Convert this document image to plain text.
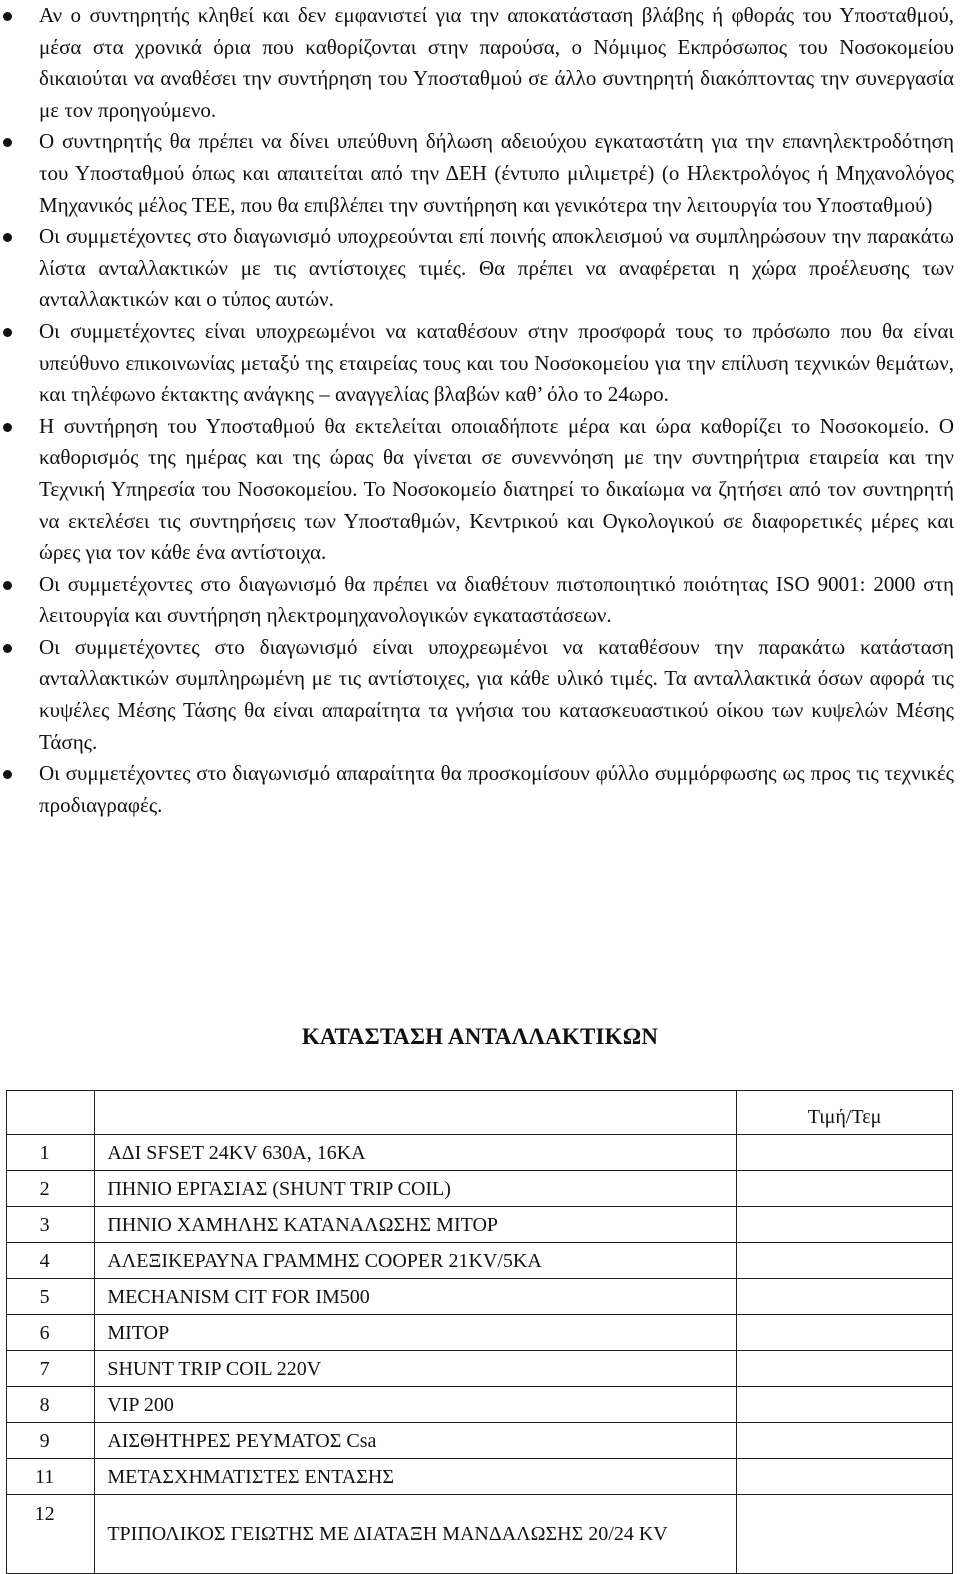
Αν ο συντηρητής κληθεί και δεν εμφανιστεί για την αποκατάσταση βλάβης ή φθοράς του Υποσταθμού, μέσα στα χρονικά όρια που καθορίζονται στην παρούσα, ο Νόμιμος Εκπρόσωπος του Νοσοκομείου δικαιούται να αναθέσει την συντήρηση του Υποσταθμού σε άλλο συντηρητή διακόπτοντας την συνεργασία με τον προηγούμενο.
Ο συντηρητής θα πρέπει να δίνει υπεύθυνη δήλωση αδειούχου εγκαταστάτη για την επανηλεκτροδότηση του Υποσταθμού όπως και απαιτείται από την ΔΕΗ (έντυπο μιλιμετρέ) (ο Ηλεκτρολόγος ή Μηχανολόγος Μηχανικός μέλος ΤΕΕ, που θα επιβλέπει την συντήρηση και γενικότερα την λειτουργία του Υποσταθμού)
Οι συμμετέχοντες στο διαγωνισμό υποχρεούνται επί ποινής αποκλεισμού να συμπληρώσουν την παρακάτω λίστα ανταλλακτικών με τις αντίστοιχες τιμές. Θα πρέπει να αναφέρεται η χώρα προέλευσης των ανταλλακτικών και ο τύπος αυτών.
Οι συμμετέχοντες είναι υποχρεωμένοι να καταθέσουν στην προσφορά τους το πρόσωπο που θα είναι υπεύθυνο επικοινωνίας μεταξύ της εταιρείας τους και του Νοσοκομείου για την επίλυση τεχνικών θεμάτων, και τηλέφωνο έκτακτης ανάγκης – αναγγελίας βλαβών καθ’ όλο το 24ωρο.
Η συντήρηση του Υποσταθμού θα εκτελείται οποιαδήποτε μέρα και ώρα καθορίζει το Νοσοκομείο. Ο καθορισμός της ημέρας και της ώρας θα γίνεται σε συνεννόηση με την συντηρήτρια εταιρεία και την Τεχνική Υπηρεσία του Νοσοκομείου. Το Νοσοκομείο διατηρεί το δικαίωμα να ζητήσει από τον συντηρητή να εκτελέσει τις συντηρήσεις των Υποσταθμών, Κεντρικού και Ογκολογικού σε διαφορετικές μέρες και ώρες για τον κάθε ένα αντίστοιχα.
Οι συμμετέχοντες στο διαγωνισμό θα πρέπει να διαθέτουν πιστοποιητικό ποιότητας ISO 9001: 2000 στη λειτουργία και συντήρηση ηλεκτρομηχανολογικών εγκαταστάσεων.
Οι συμμετέχοντες στο διαγωνισμό είναι υποχρεωμένοι να καταθέσουν την παρακάτω κατάσταση ανταλλακτικών συμπληρωμένη με τις αντίστοιχες, για κάθε υλικό τιμές. Τα ανταλλακτικά όσων αφορά τις κυψέλες Μέσης Τάσης θα είναι απαραίτητα τα γνήσια του κατασκευαστικού οίκου των κυψελών Μέσης Τάσης.
Οι συμμετέχοντες στο διαγωνισμό απαραίτητα θα προσκομίσουν φύλλο συμμόρφωσης ως προς τις τεχνικές προδιαγραφές.
ΚΑΤΑΣΤΑΣΗ ΑΝΤΑΛΛΑΚΤΙΚΩΝ
		Τιμή/Τεμ
1	ΑΔΙ SFSET 24KV 630A, 16KA	
2	ΠΗΝΙΟ ΕΡΓΑΣΙΑΣ (SHUNT TRIP COIL)	
3	ΠΗΝΙΟ ΧΑΜΗΛΗΣ ΚΑΤΑΝΑΛΩΣΗΣ MITOP	
4	ΑΛΕΞΙΚΕΡΑΥΝΑ ΓΡΑΜΜΗΣ COOPER 21KV/5KA	
5	MECHANISM CIT FOR IM500	
6	MITOP	
7	SHUNT TRIP COIL 220V	
8	VIP 200	
9	ΑΙΣΘΗΤΗΡΕΣ ΡΕΥΜΑΤΟΣ Csa	
11	ΜΕΤΑΣΧΗΜΑΤΙΣΤΕΣ ΕΝΤΑΣΗΣ	
12	ΤΡΙΠΟΛΙΚΟΣ ΓΕΙΩΤΗΣ ΜΕ ΔΙΑΤΑΞΗ ΜΑΝΔΑΛΩΣΗΣ 20/24 KV	
